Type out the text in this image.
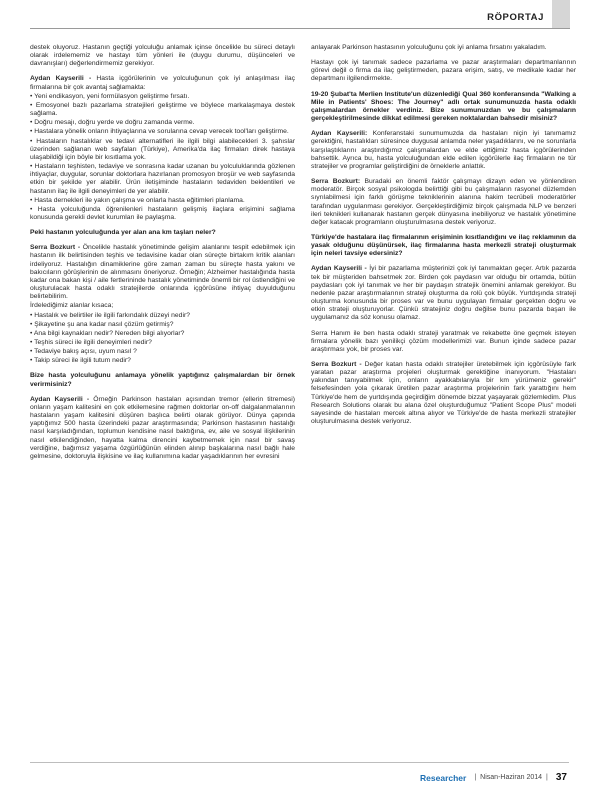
RÖPORTAJ

destek oluyoruz. Hastanın geçtiği yolculuğu anlamak içinse öncelikle bu süreci detaylı olarak irdelememiz ve hastayı tüm yönleri ile (duygu durumu, düşünceleri ve davranışları) değerlendirmemiz gerekiyor.

Aydan Kayserili - Hasta içgörülerinin ve yolculuğunun çok iyi anlaşılması ilaç firmalarına bir çok avantaj sağlamakta:

• Yeni endikasyon, yeni formülasyon geliştirme fırsatı.
• Emosyonel bazlı pazarlama stratejileri geliştirme ve böylece markalaşmaya destek sağlama.
• Doğru mesajı, doğru yerde ve doğru zamanda verme.
• Hastalara yönelik onların ihtiyaçlarına ve sorularına cevap verecek tool'ları geliştirme.
• Hastaların hastalıklar ve tedavi alternatifleri ile ilgili bilgi alabilecekleri 3. şahıslar üzerinden sağlanan web sayfaları (Türkiye), Amerika'da ilaç firmaları direk hastaya ulaşabildiği için böyle bir kısıtlama yok.
• Hastaların teşhisten, tedaviye ve sonrasına kadar uzanan bu yolculuklarında gözlenen ihtiyaçlar, duygular, sorunlar doktorlara hazırlanan promosyon broşür ve web sayfasında etkin bir şekilde yer alabilir. Ürün iletişiminde hastaların tedaviden beklentileri ve hastanın ilaç ile ilgili deneyimleri de yer alabilir.
• Hasta dernekleri ile yakın çalışma ve onlarla hasta eğitimleri planlama.
• Hasta yolculuğunda öğrenilenleri hastaların gelişmiş ilaçlara erişimini sağlama konusunda gerekli devlet kurumları ile paylaşma.

Peki hastanın yolculuğunda yer alan ana km taşları neler?

Serra Bozkurt - Öncelikle hastalık yönetiminde gelişim alanlarını tespit edebilmek için hastanın ilk belirtisinden teşhis ve tedavisine kadar olan süreçte birtakım kritik alanları irdeliyoruz. Hastalığın dinamiklerine göre zaman zaman bu süreçte hasta yakını ve bakıcıların görüşlerinin de alınmasını öneriyoruz. Örneğin; Alzheimer hastalığında hasta kadar ona bakan kişi / aile fertlerininde hastalık yönetiminde önemli bir rol üstlendiğini ve oluşturulacak hasta odaklı stratejilerde onlarında içgörüsüne ihtiyaç duyulduğunu belirtebilirim.

İrdelediğimiz alanlar kısaca;

• Hastalık ve belirtiler ile ilgili farkındalık düzeyi nedir?
• Şikayetine şu ana kadar nasıl çözüm getirmiş?
• Ana bilgi kaynakları nedir? Nereden bilgi alıyorlar?
• Teşhis süreci ile ilgili deneyimleri nedir?
• Tedaviye bakış açısı, uyum nasıl ?
• Takip süreci ile ilgili tutum nedir?

Bize hasta yolculuğunu anlamaya yönelik yaptığınız çalışmalardan bir örnek verirmisiniz?

Aydan Kayserili - Örneğin Parkinson hastaları açısından tremor (ellerin titremesi) onların yaşam kalitesini en çok etkilemesine rağmen doktorlar on-off dalgalanmalarının hastaların yaşam kalitesini düşüren başlıca belirti olarak görüyor. Dünya çapında yaptığımız 500 hasta üzerindeki pazar araştırmasında; Parkinson hastasının hastalığı nasıl karşıladığından, toplumun kendisine nasıl baktığına, ev, aile ve sosyal ilişkilerinin nasıl etkilendiğinden, hayatta kalma direncini kaybetmemek için nasıl bir savaş verdiğine, bağımsız yaşama özgürlüğünün elinden alınıp başkalarına nasıl bağlı hale gelmesine, doktoruyla ilişkisine ve ilaç kullanımına kadar yaşadıklarının her evresini

anlayarak Parkinson hastasının yolculuğunu çok iyi anlama fırsatını yakaladım.

Hastayı çok iyi tanımak sadece pazarlama ve pazar araştırmaları departmanlarının görevi değil o firma da ilaç geliştirmeden, pazara erişim, satış, ve medikale kadar her departmanı ilgilendirmekte.

19-20 Şubat'ta Merlien Institute'un düzenlediği Qual 360 konferansında "Walking a Mile in Patients' Shoes: The Journey" adlı ortak sunumunuzda hasta odaklı çalışmalardan örnekler verdiniz. Bize sunumunuzdan ve bu çalışmaların gerçekleştirilmesinde dikkat edilmesi gereken noktalardan bahsedir misiniz?

Aydan Kayserili: Konferanstaki sunumumuzda da hastaları niçin iyi tanımamız gerektiğini, hastalıkları süresince duygusal anlamda neler yaşadıklarını, ve ne sorunlarla karşılaştıklarını araştırdığımız çalışmalardan ve elde ettiğimiz hasta içgörülerinden bahsettik. Ayrıca bu, hasta yolculuğundan elde edilen içgörülerle ilaç firmaların ne tür stratejiler ve programlar geliştirdiğini de örneklerle anlattık.

Serra Bozkurt: Buradaki en önemli faktör çalışmayı dizayn eden ve yönlendiren moderatör. Birçok sosyal psikologda belirttiği gibi bu çalışmaların rasyonel düzlemden sıyrılabilmesi için farklı görüşme tekniklerinin alanına hakim tecrübeli moderatörler tarafından uygulanması gerekiyor. Gerçekleştirdiğimiz birçok çalışmada NLP ve benzeri ileri teknikleri kullanarak hastanın gerçek dünyasına inebiliyoruz ve hastalık yönetimine değer katacak programların oluşturulmasına destek veriyoruz.

Türkiye'de hastalara ilaç firmalarının erişiminin kısıtlandığını ve ilaç reklamının da yasak olduğunu düşünürsek, ilaç firmalarına hasta merkezli strateji oluşturmak için neleri tavsiye edersiniz?

Aydan Kayserili - İyi bir pazarlama müşterinizi çok iyi tanımaktan geçer. Artık pazarda tek bir müşteriden bahsetmek zor. Birden çok paydasın var olduğu bir ortamda, bütün paydasları çok iyi tanımak ve her bir paydaşın stratejik önemini anlamak gerekiyor. Bu nedenle pazar araştırmalarının strateji oluşturma da rolü çok büyük. Yurtdışında strateji oluşturma konusunda bir proses var ve bunu uygulayan firmalar gerçekten doğru ve etkin strateji oluşturuyorlar. Çünkü stratejiniz doğru değilse bunu pazarda başarı ile uygulamanız da söz konusu olamaz.

Serra Hanım ile ben hasta odaklı strateji yaratmak ve rekabette öne geçmek isteyen firmalara yönelik bazı yenilikçi çözüm modellerimizi var. Bunun içinde sadece pazar araştırması yok, bir proses var.

Serra Bozkurt - Değer katan hasta odaklı stratejiler üretebilmek için içgörüsüyle fark yaratan pazar araştırma projeleri oluşturmak gerektiğine inanıyorum. "Hastaları yakından tanıyabilmek için, onların ayakkabılarıyla bir km yürümeniz gerekir" felsefesinden yola çıkarak üretilen pazar araştırma projelerinin fark yarattığını hem Türkiye'de hem de yurtdışında geçirdiğim dönemde bizzat yaşayarak gözlemledim. Plus Research Solutions olarak bu alana özel oluşturduğumuz "Patient Scope Plus" modeli sayesinde de hastaları mercek altına alıyor ve Türkiye'de de hasta merkezli stratejiler oluşturulmasına destek veriyoruz.

Researcher | Nisan-Haziran 2014 | 37
